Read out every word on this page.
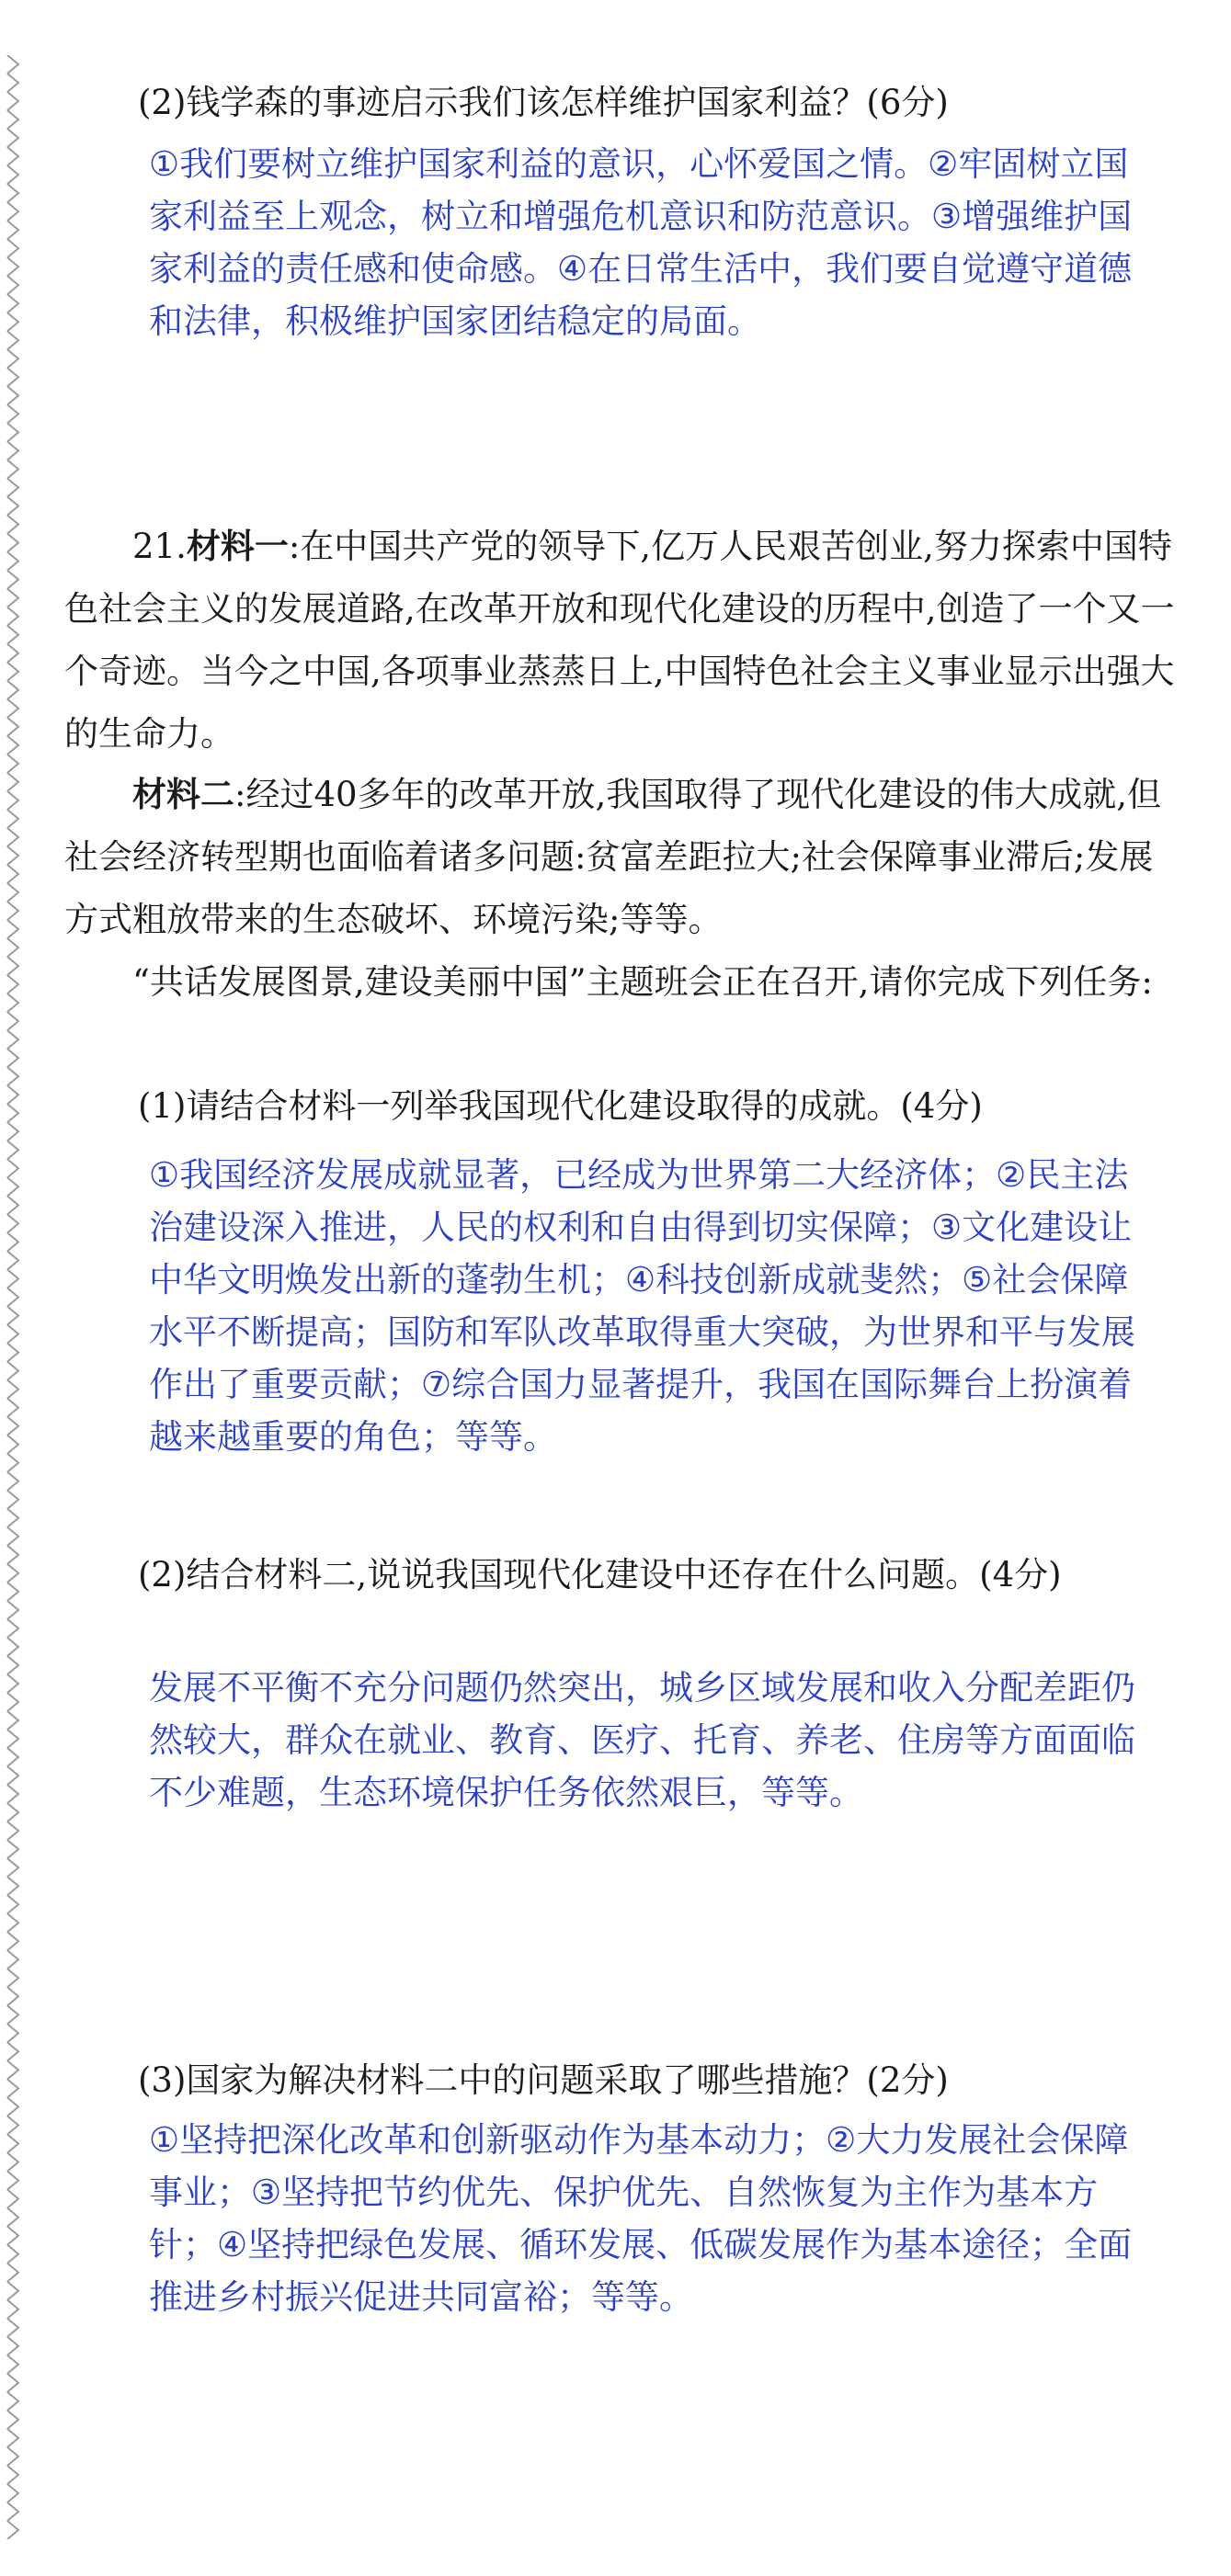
(2)钱学森的事迹启示我们该怎样维护国家利益？(6分)
①我们要树立维护国家利益的意识，心怀爱国之情。②牢固树立国家利益至上观念，树立和增强危机意识和防范意识。③增强维护国家利益的责任感和使命感。④在日常生活中，我们要自觉遵守道德和法律，积极维护国家团结稳定的局面。
21.材料一:在中国共产党的领导下,亿万人民艰苦创业,努力探索中国特色社会主义的发展道路,在改革开放和现代化建设的历程中,创造了一个又一个奇迹。当今之中国,各项事业蒸蒸日上,中国特色社会主义事业显示出强大的生命力。
材料二:经过40多年的改革开放,我国取得了现代化建设的伟大成就,但社会经济转型期也面临着诸多问题:贫富差距拉大;社会保障事业滞后;发展方式粗放带来的生态破坏、环境污染;等等。
“共话发展图景,建设美丽中国”主题班会正在召开,请你完成下列任务:
(1)请结合材料一列举我国现代化建设取得的成就。(4分)
①我国经济发展成就显著，已经成为世界第二大经济体；②民主法治建设深入推进，人民的权利和自由得到切实保障；③文化建设让中华文明焕发出新的蓬勃生机；④科技创新成就斐然；⑤社会保障水平不断提高；国防和军队改革取得重大突破，为世界和平与发展作出了重要贡献；⑦综合国力显著提升，我国在国际舞台上扮演着越来越重要的角色；等等。
(2)结合材料二,说说我国现代化建设中还存在什么问题。(4分)
发展不平衡不充分问题仍然突出，城乡区域发展和收入分配差距仍然较大，群众在就业、教育、医疗、托育、养老、住房等方面面临不少难题，生态环境保护任务依然艰巨，等等。
(3)国家为解决材料二中的问题采取了哪些措施？(2分)
①坚持把深化改革和创新驱动作为基本动力；②大力发展社会保障事业；③坚持把节约优先、保护优先、自然恢复为主作为基本方针；④坚持把绿色发展、循环发展、低碳发展作为基本途径；全面推进乡村振兴促进共同富裕；等等。
